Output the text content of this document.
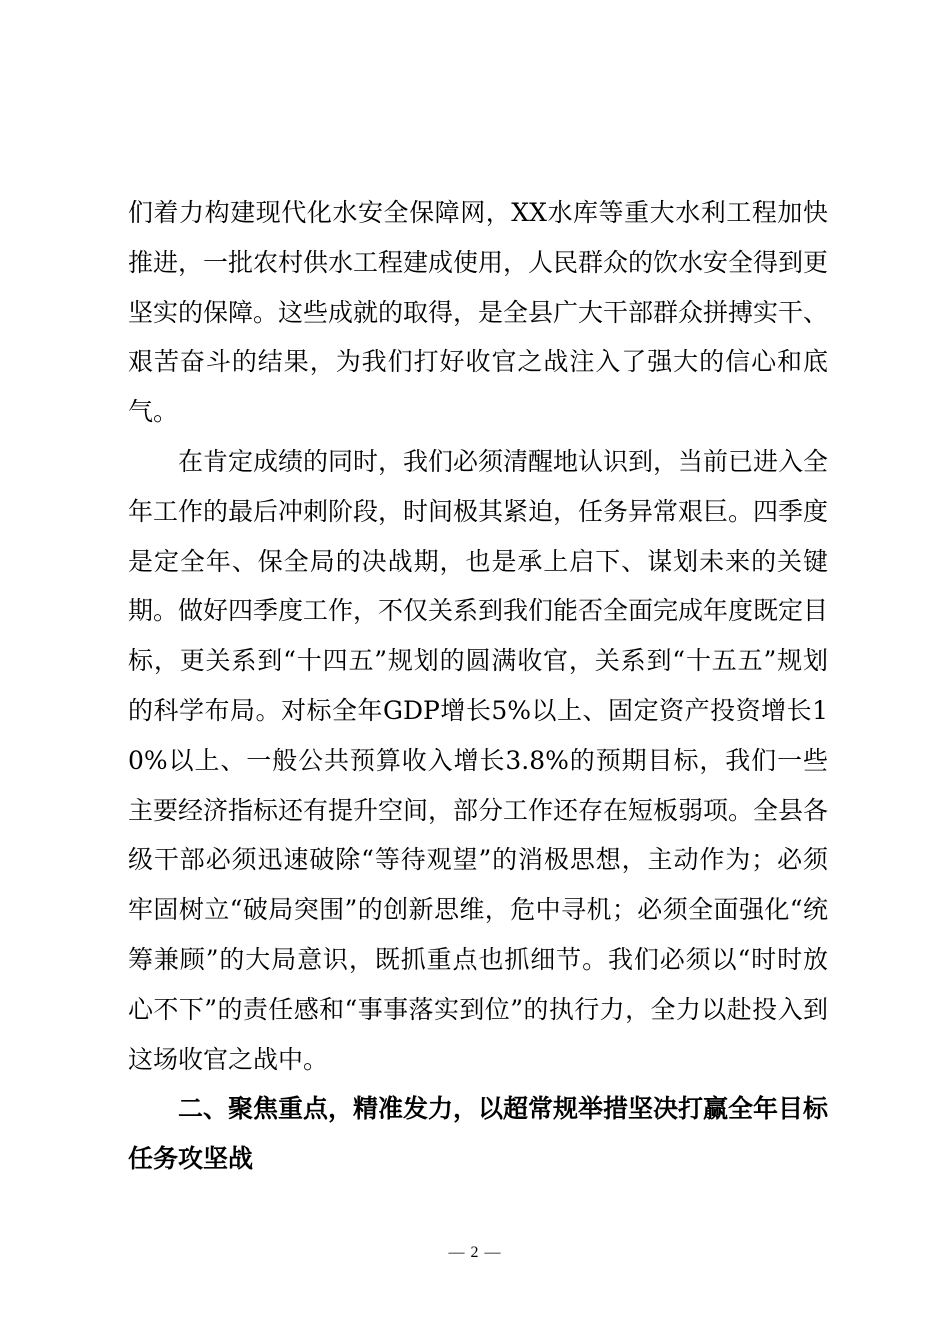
们着力构建现代化水安全保障网，XX水库等重大水利工程加快推进，一批农村供水工程建成使用，人民群众的饮水安全得到更坚实的保障。这些成就的取得，是全县广大干部群众拼搏实干、艰苦奋斗的结果，为我们打好收官之战注入了强大的信心和底气。

在肯定成绩的同时，我们必须清醒地认识到，当前已进入全年工作的最后冲刺阶段，时间极其紧迫，任务异常艰巨。四季度是定全年、保全局的决战期，也是承上启下、谋划未来的关键期。做好四季度工作，不仅关系到我们能否全面完成年度既定目标，更关系到“十四五”规划的圆满收官，关系到“十五五”规划的科学布局。对标全年GDP增长5%以上、固定资产投资增长10%以上、一般公共预算收入增长3.8%的预期目标，我们一些主要经济指标还有提升空间，部分工作还存在短板弱项。全县各级干部必须迅速破除“等待观望”的消极思想，主动作为；必须牢固树立“破局突围”的创新思维，危中寻机；必须全面强化“统筹兼顾”的大局意识，既抓重点也抓细节。我们必须以“时时放心不下”的责任感和“事事落实到位”的执行力，全力以赴投入到这场收官之战中。

二、聚焦重点，精准发力，以超常规举措坚决打赢全年目标任务攻坚战

— 2 —
